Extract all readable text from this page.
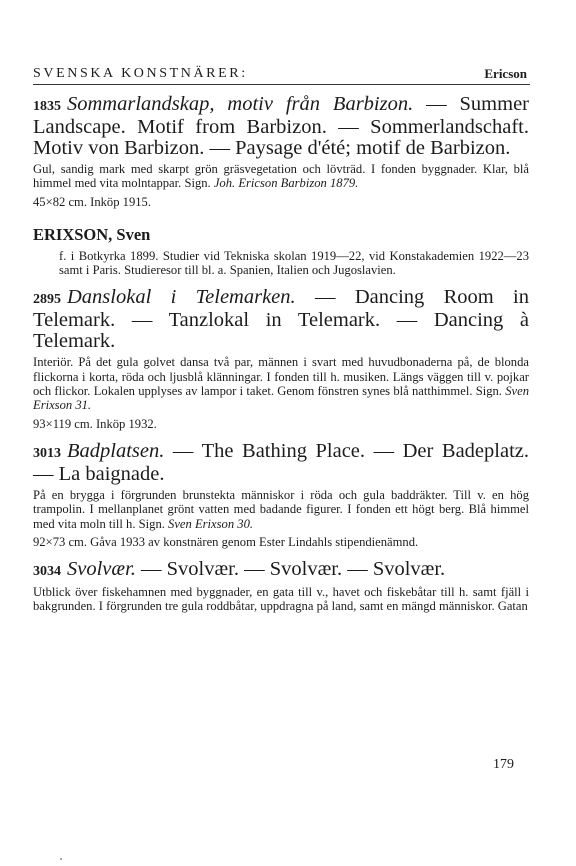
SVENSKA KONSTNÄRER:	Ericson
1835 Sommarlandskap, motiv från Barbizon. — Summer Landscape. Motif from Barbizon. — Sommerlandschaft. Motiv von Barbizon. — Paysage d'été; motif de Barbizon.
Gul, sandig mark med skarpt grön gräsvegetation och lövträd. I fonden byggnader. Klar, blå himmel med vita molntappar. Sign. Joh. Ericson Barbizon 1879.
45×82 cm. Inköp 1915.
ERIXSON, Sven
f. i Botkyrka 1899. Studier vid Tekniska skolan 1919—22, vid Konstakademien 1922—23 samt i Paris. Studieresor till bl. a. Spanien, Italien och Jugoslavien.
2895 Danslokal i Telemarken. — Dancing Room in Telemark. — Tanzlokal in Telemark. — Dancing à Telemark.
Interiör. På det gula golvet dansa två par, männen i svart med huvudbonaderna på, de blonda flickorna i korta, röda och ljusblå klänningar. I fonden till h. musiken. Längs väggen till v. pojkar och flickor. Lokalen upplyses av lampor i taket. Genom fönstren synes blå natthimmel. Sign. Sven Erixson 31.
93×119 cm. Inköp 1932.
3013 Badplatsen. — The Bathing Place. — Der Badeplatz. — La baignade.
På en brygga i förgrunden brunstekta människor i röda och gula baddräkter. Till v. en hög trampolin. I mellanplanet grönt vatten med badande figurer. I fonden ett högt berg. Blå himmel med vita moln till h. Sign. Sven Erixson 30.
92×73 cm. Gåva 1933 av konstnären genom Ester Lindahls stipendienämnd.
3034 Svolvær. — Svolvær. — Svolvær. — Svolvær.
Utblick över fiskehamnen med byggnader, en gata till v., havet och fiskebåtar till h. samt fjäll i bakgrunden. I förgrunden tre gula roddbåtar, uppdragna på land, samt en mängd människor. Gatan
179
